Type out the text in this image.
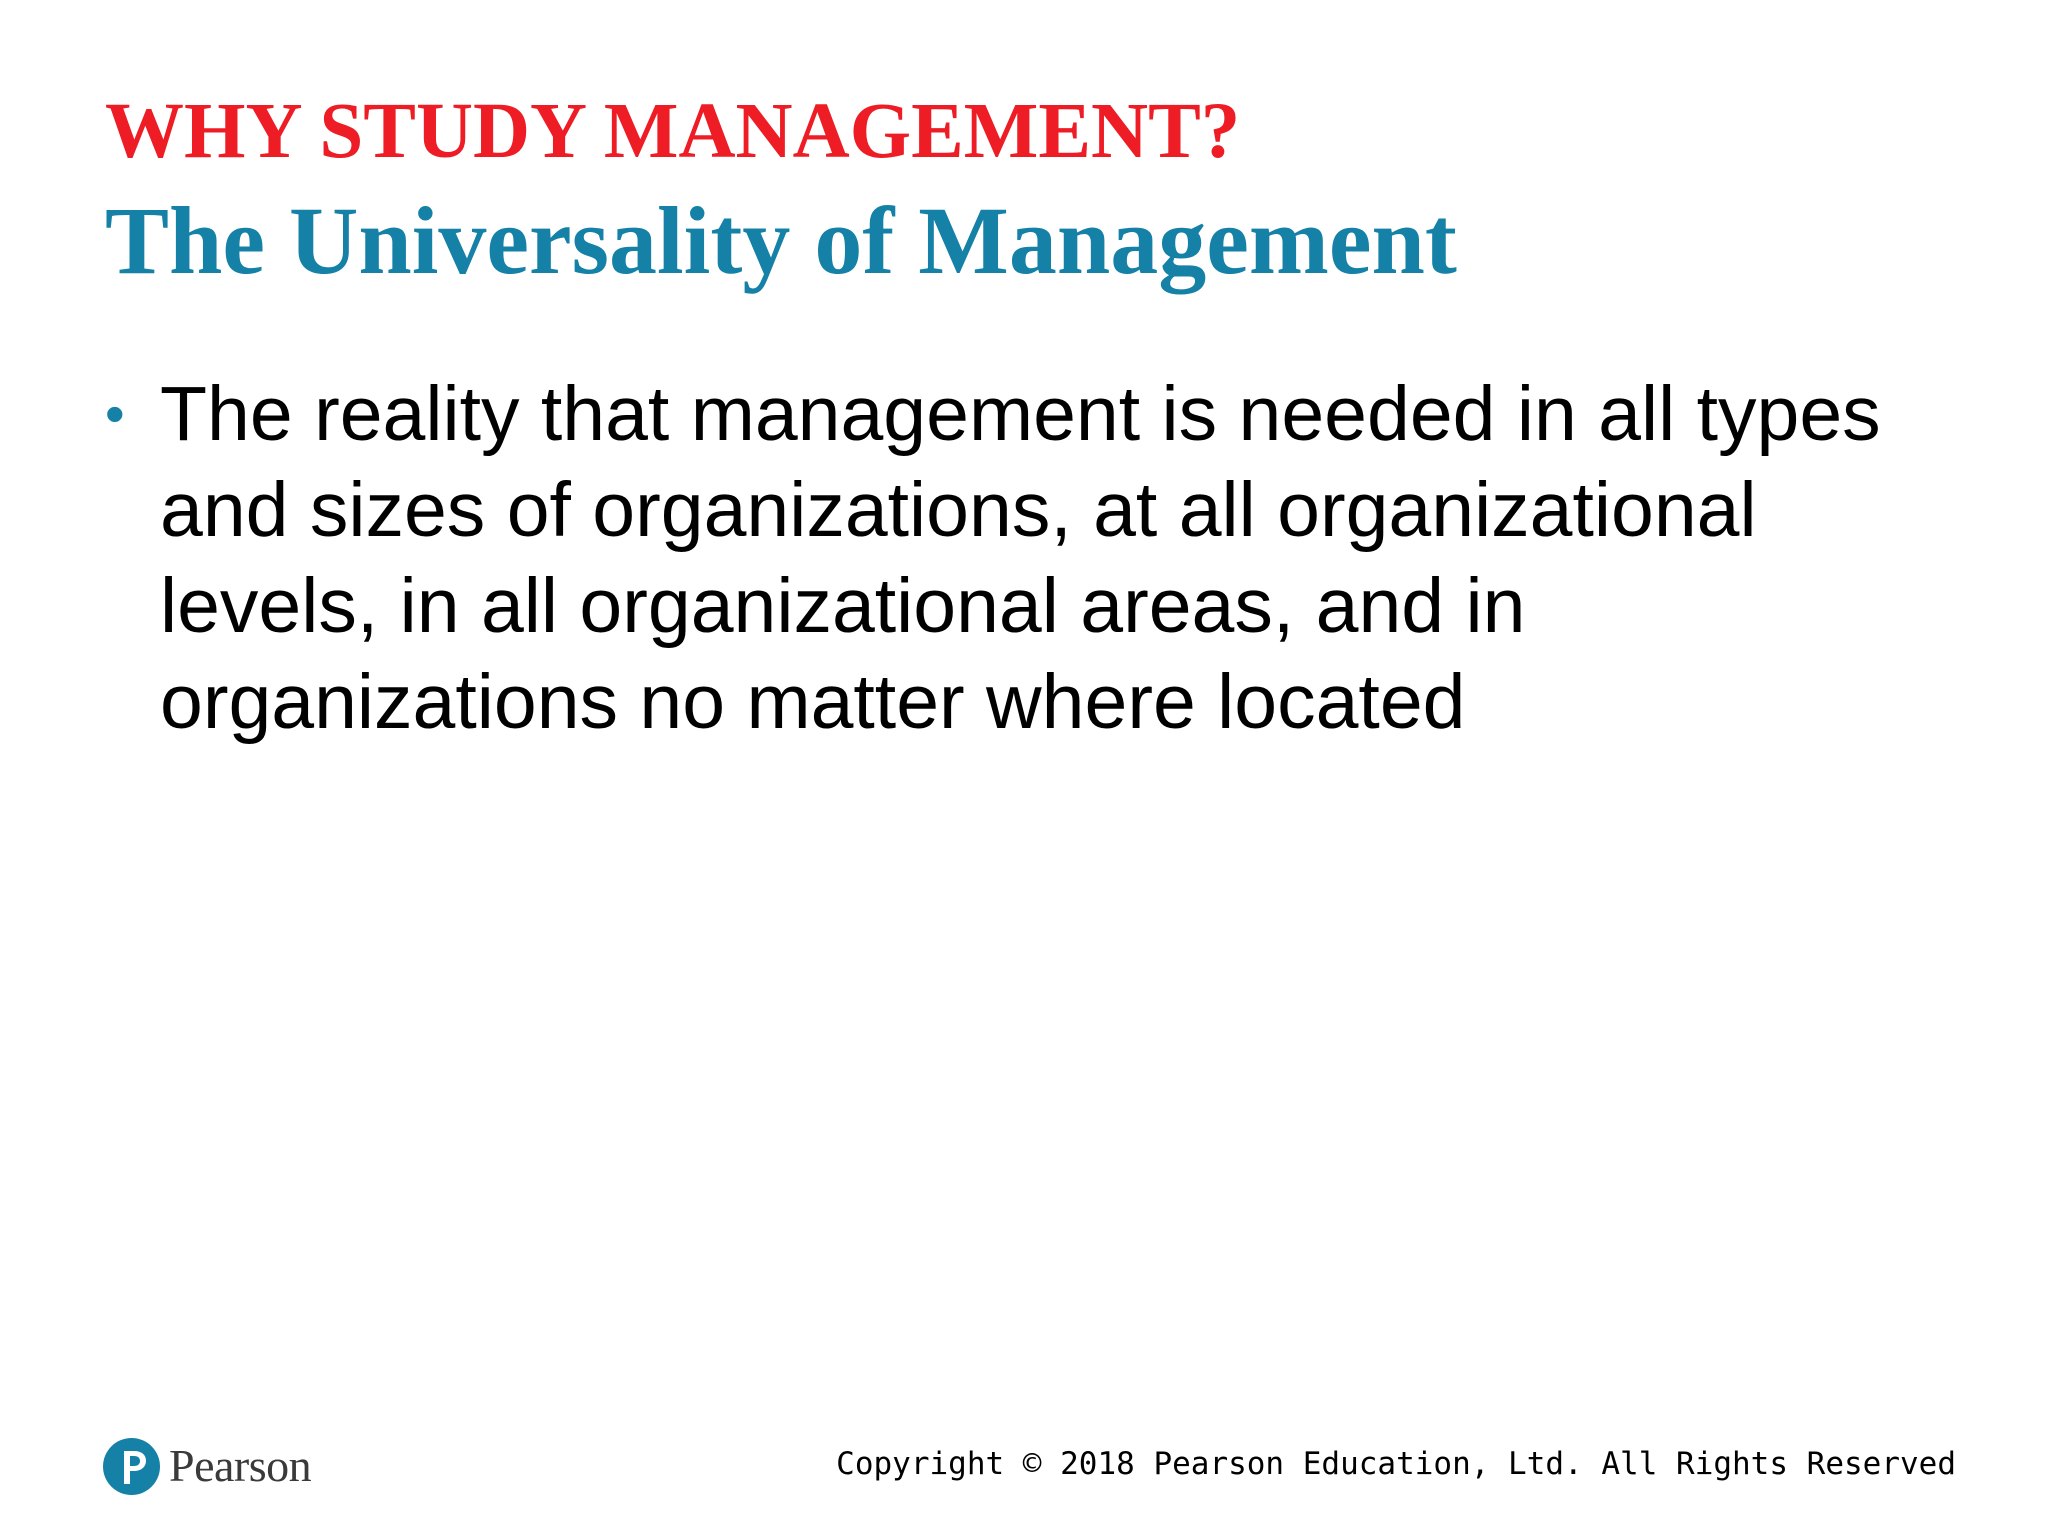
WHY STUDY MANAGEMENT?
The Universality of Management
• The reality that management is needed in all types and sizes of organizations, at all organizational levels, in all organizational areas, and in organizations no matter where located
Pearson	Copyright © 2018 Pearson Education, Ltd. All Rights Reserved
